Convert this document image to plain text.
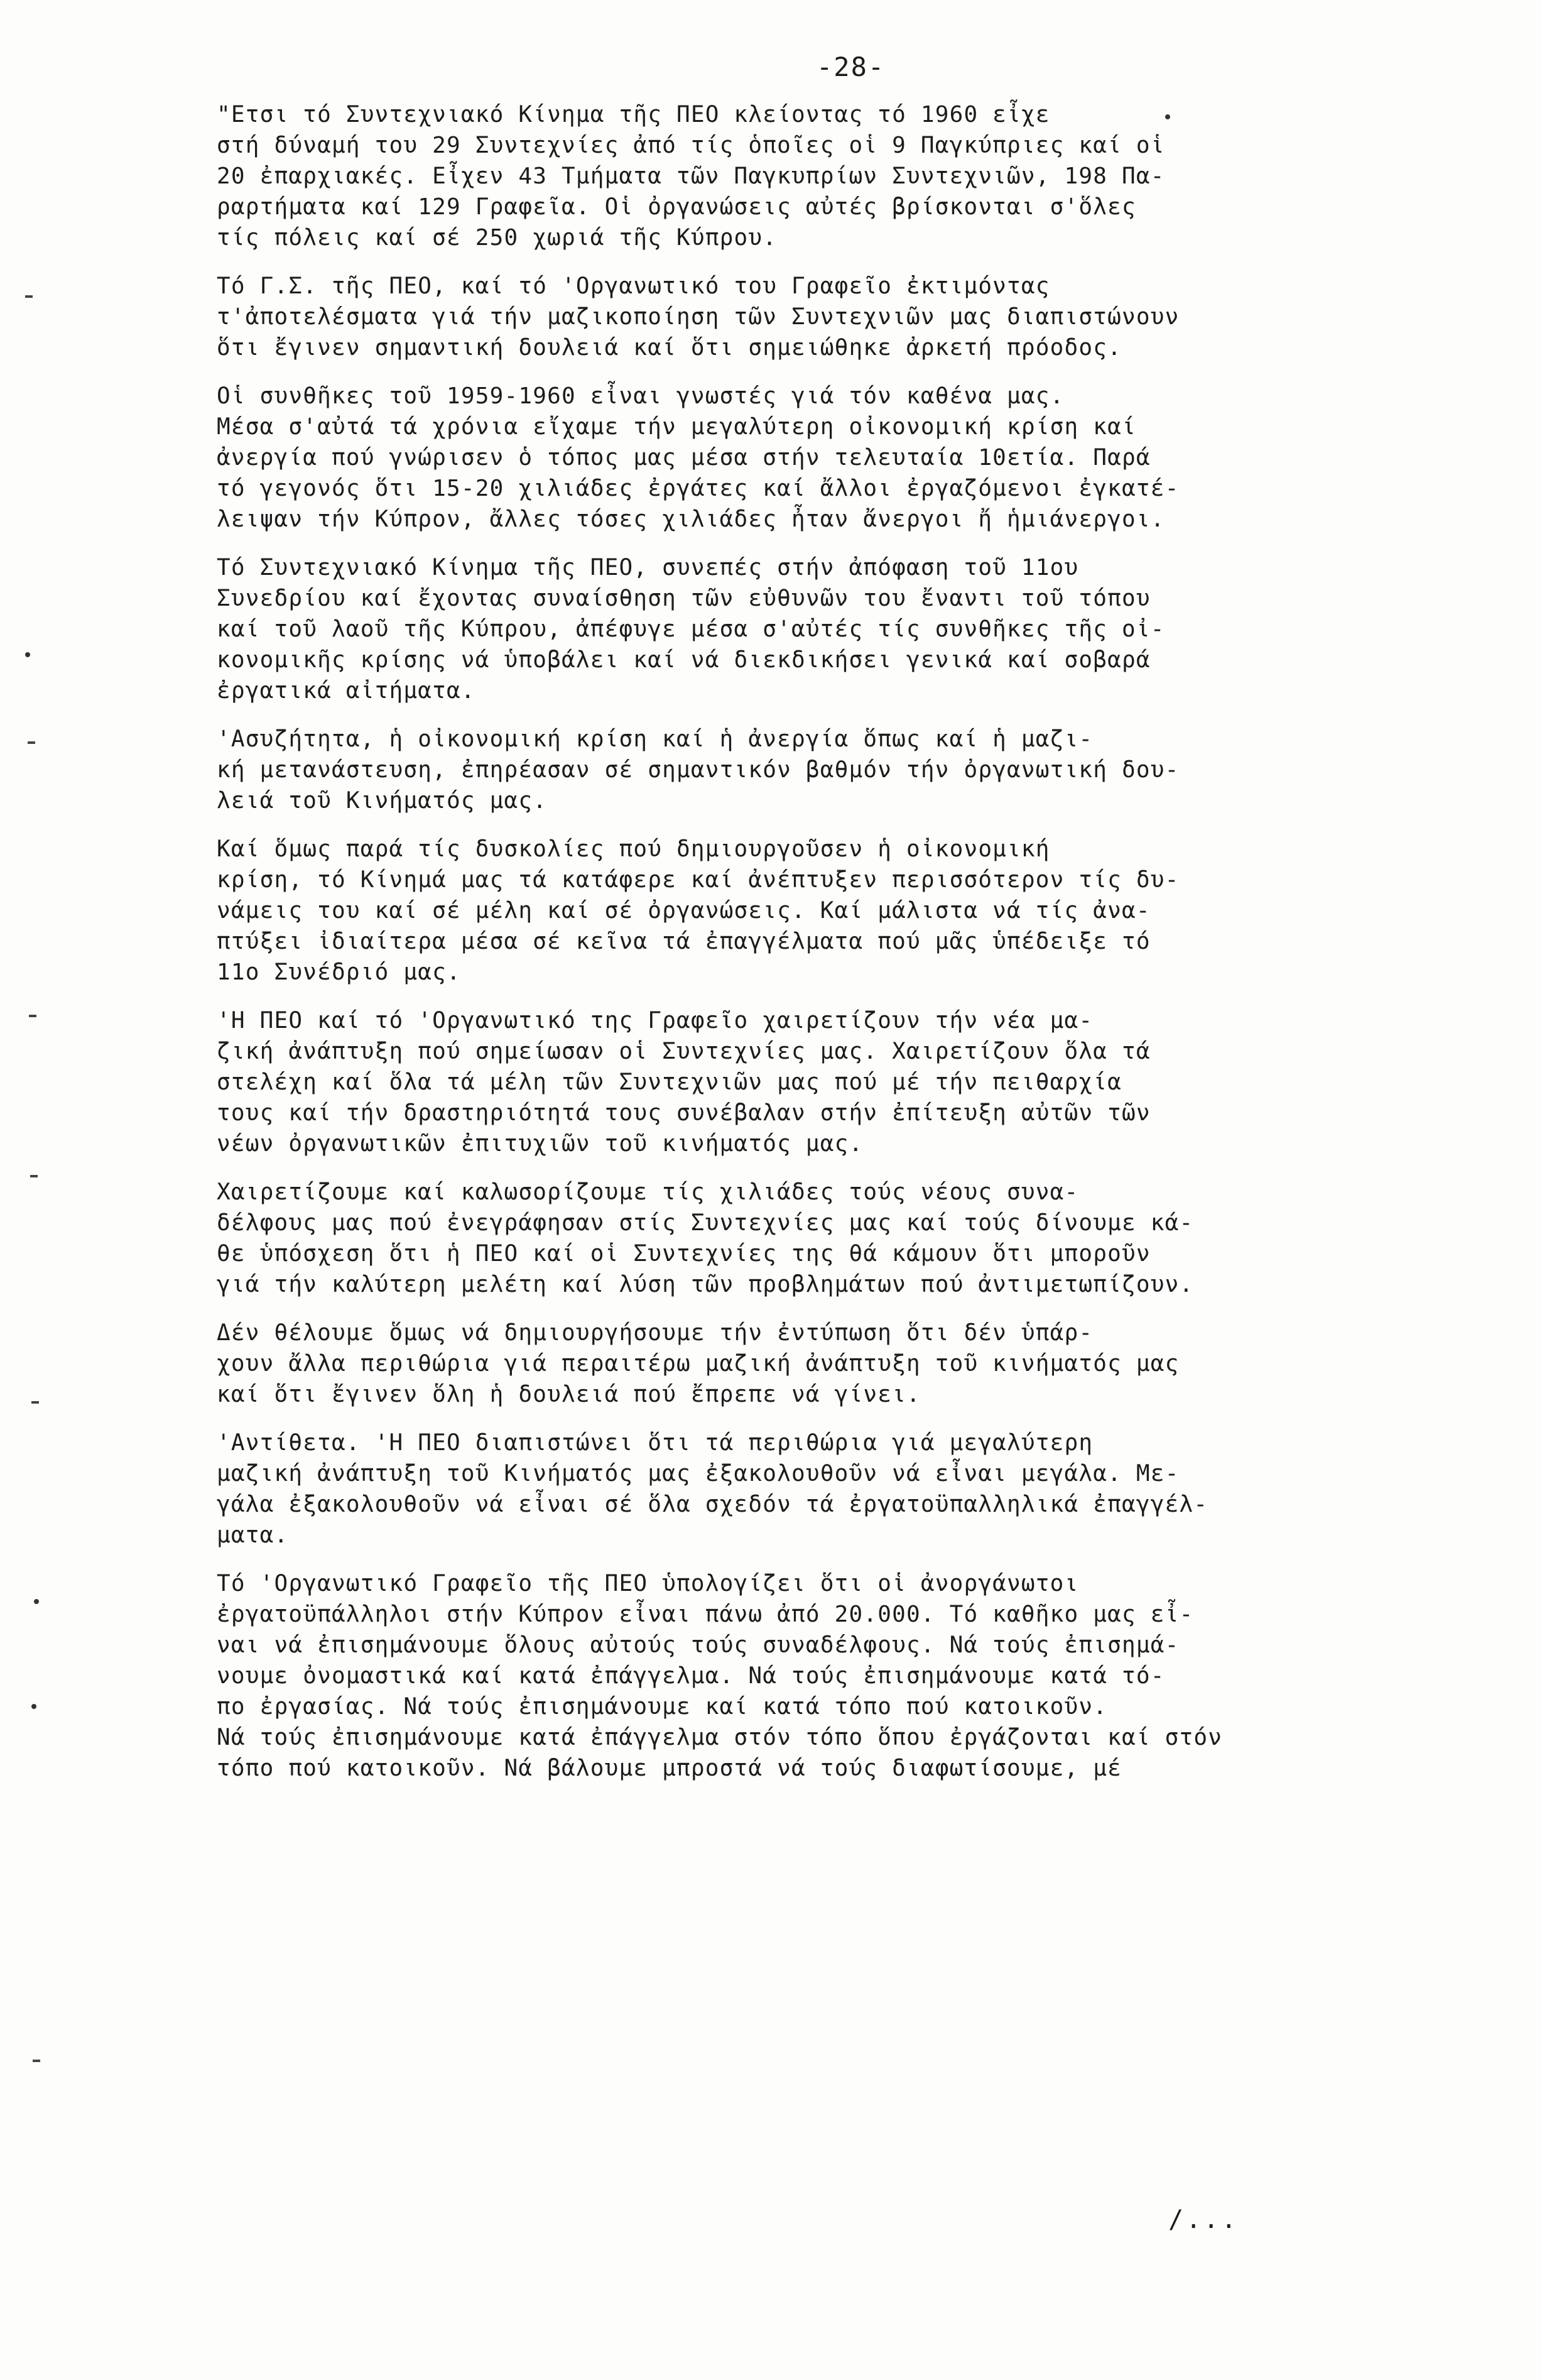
-28-
"Ετσι τό Συντεχνιακό Κίνημα τῆς ΠΕΟ κλείοντας τό 1960 εἶχε
στή δύναμή του 29 Συντεχνίες ἀπό τίς ὁποῖες οἱ 9 Παγκύπριες καί οἱ
20 ἐπαρχιακές. Εἶχεν 43 Τμήματα τῶν Παγκυπρίων Συντεχνιῶν, 198 Πα-
ραρτήματα καί 129 Γραφεῖα. Οἱ ὀργανώσεις αὐτές βρίσκονται σ'ὅλες
τίς πόλεις καί σέ 250 χωριά τῆς Κύπρου.
Τό Γ.Σ. τῆς ΠΕΟ, καί τό 'Οργανωτικό του Γραφεῖο ἐκτιμόντας
τ'ἀποτελέσματα γιά τήν μαζικοποίηση τῶν Συντεχνιῶν μας διαπιστώνουν
ὅτι ἔγινεν σημαντική δουλειά καί ὅτι σημειώθηκε ἀρκετή πρόοδος.
Οἱ συνθῆκες τοῦ 1959-1960 εἶναι γνωστές γιά τόν καθένα μας.
Μέσα σ'αὐτά τά χρόνια εἴχαμε τήν μεγαλύτερη οἰκονομική κρίση καί
ἀνεργία πού γνώρισεν ὁ τόπος μας μέσα στήν τελευταία 10ετία. Παρά
τό γεγονός ὅτι 15-20 χιλιάδες ἐργάτες καί ἄλλοι ἐργαζόμενοι ἐγκατέ-
λειψαν τήν Κύπρον, ἄλλες τόσες χιλιάδες ἦταν ἄνεργοι ἤ ἡμιάνεργοι.
Τό Συντεχνιακό Κίνημα τῆς ΠΕΟ, συνεπές στήν ἀπόφαση τοῦ 11ου
Συνεδρίου καί ἔχοντας συναίσθηση τῶν εὐθυνῶν του ἔναντι τοῦ τόπου
καί τοῦ λαοῦ τῆς Κύπρου, ἀπέφυγε μέσα σ'αὐτές τίς συνθῆκες τῆς οἰ-
κονομικῆς κρίσης νά ὑποβάλει καί νά διεκδικήσει γενικά καί σοβαρά
ἐργατικά αἰτήματα.
'Ασυζήτητα, ἡ οἰκονομική κρίση καί ἡ ἀνεργία ὅπως καί ἡ μαζι-
κή μετανάστευση, ἐπηρέασαν σέ σημαντικόν βαθμόν τήν ὀργανωτική δου-
λειά τοῦ Κινήματός μας.
Καί ὅμως παρά τίς δυσκολίες πού δημιουργοῦσεν ἡ οἰκονομική
κρίση, τό Κίνημά μας τά κατάφερε καί ἀνέπτυξεν περισσότερον τίς δυ-
νάμεις του καί σέ μέλη καί σέ ὀργανώσεις. Καί μάλιστα νά τίς ἀνα-
πτύξει ἰδιαίτερα μέσα σέ κεῖνα τά ἐπαγγέλματα πού μᾶς ὑπέδειξε τό
11ο Συνέδριό μας.
'Η ΠΕΟ καί τό 'Οργανωτικό της Γραφεῖο χαιρετίζουν τήν νέα μα-
ζική ἀνάπτυξη πού σημείωσαν οἱ Συντεχνίες μας. Χαιρετίζουν ὅλα τά
στελέχη καί ὅλα τά μέλη τῶν Συντεχνιῶν μας πού μέ τήν πειθαρχία
τους καί τήν δραστηριότητά τους συνέβαλαν στήν ἐπίτευξη αὐτῶν τῶν
νέων ὀργανωτικῶν ἐπιτυχιῶν τοῦ κινήματός μας.
Χαιρετίζουμε καί καλωσορίζουμε τίς χιλιάδες τούς νέους συνα-
δέλφους μας πού ἐνεγράφησαν στίς Συντεχνίες μας καί τούς δίνουμε κά-
θε ὑπόσχεση ὅτι ἡ ΠΕΟ καί οἱ Συντεχνίες της θά κάμουν ὅτι μποροῦν
γιά τήν καλύτερη μελέτη καί λύση τῶν προβλημάτων πού ἀντιμετωπίζουν.
Δέν θέλουμε ὅμως νά δημιουργήσουμε τήν ἐντύπωση ὅτι δέν ὑπάρ-
χουν ἄλλα περιθώρια γιά περαιτέρω μαζική ἀνάπτυξη τοῦ κινήματός μας
καί ὅτι ἔγινεν ὅλη ἡ δουλειά πού ἔπρεπε νά γίνει.
'Αντίθετα. 'Η ΠΕΟ διαπιστώνει ὅτι τά περιθώρια γιά μεγαλύτερη
μαζική ἀνάπτυξη τοῦ Κινήματός μας ἐξακολουθοῦν νά εἶναι μεγάλα. Με-
γάλα ἐξακολουθοῦν νά εἶναι σέ ὅλα σχεδόν τά ἐργατοϋπαλληλικά ἐπαγγέλ-
ματα.
Τό 'Οργανωτικό Γραφεῖο τῆς ΠΕΟ ὑπολογίζει ὅτι οἱ ἀνοργάνωτοι
ἐργατοϋπάλληλοι στήν Κύπρον εἶναι πάνω ἀπό 20.000. Τό καθῆκο μας εἶ-
ναι νά ἐπισημάνουμε ὅλους αὐτούς τούς συναδέλφους. Νά τούς ἐπισημά-
νουμε ὀνομαστικά καί κατά ἐπάγγελμα. Νά τούς ἐπισημάνουμε κατά τό-
πο ἐργασίας. Νά τούς ἐπισημάνουμε καί κατά τόπο πού κατοικοῦν.
Νά τούς ἐπισημάνουμε κατά ἐπάγγελμα στόν τόπο ὅπου ἐργάζονται καί στόν
τόπο πού κατοικοῦν. Νά βάλουμε μπροστά νά τούς διαφωτίσουμε, μέ
/...
